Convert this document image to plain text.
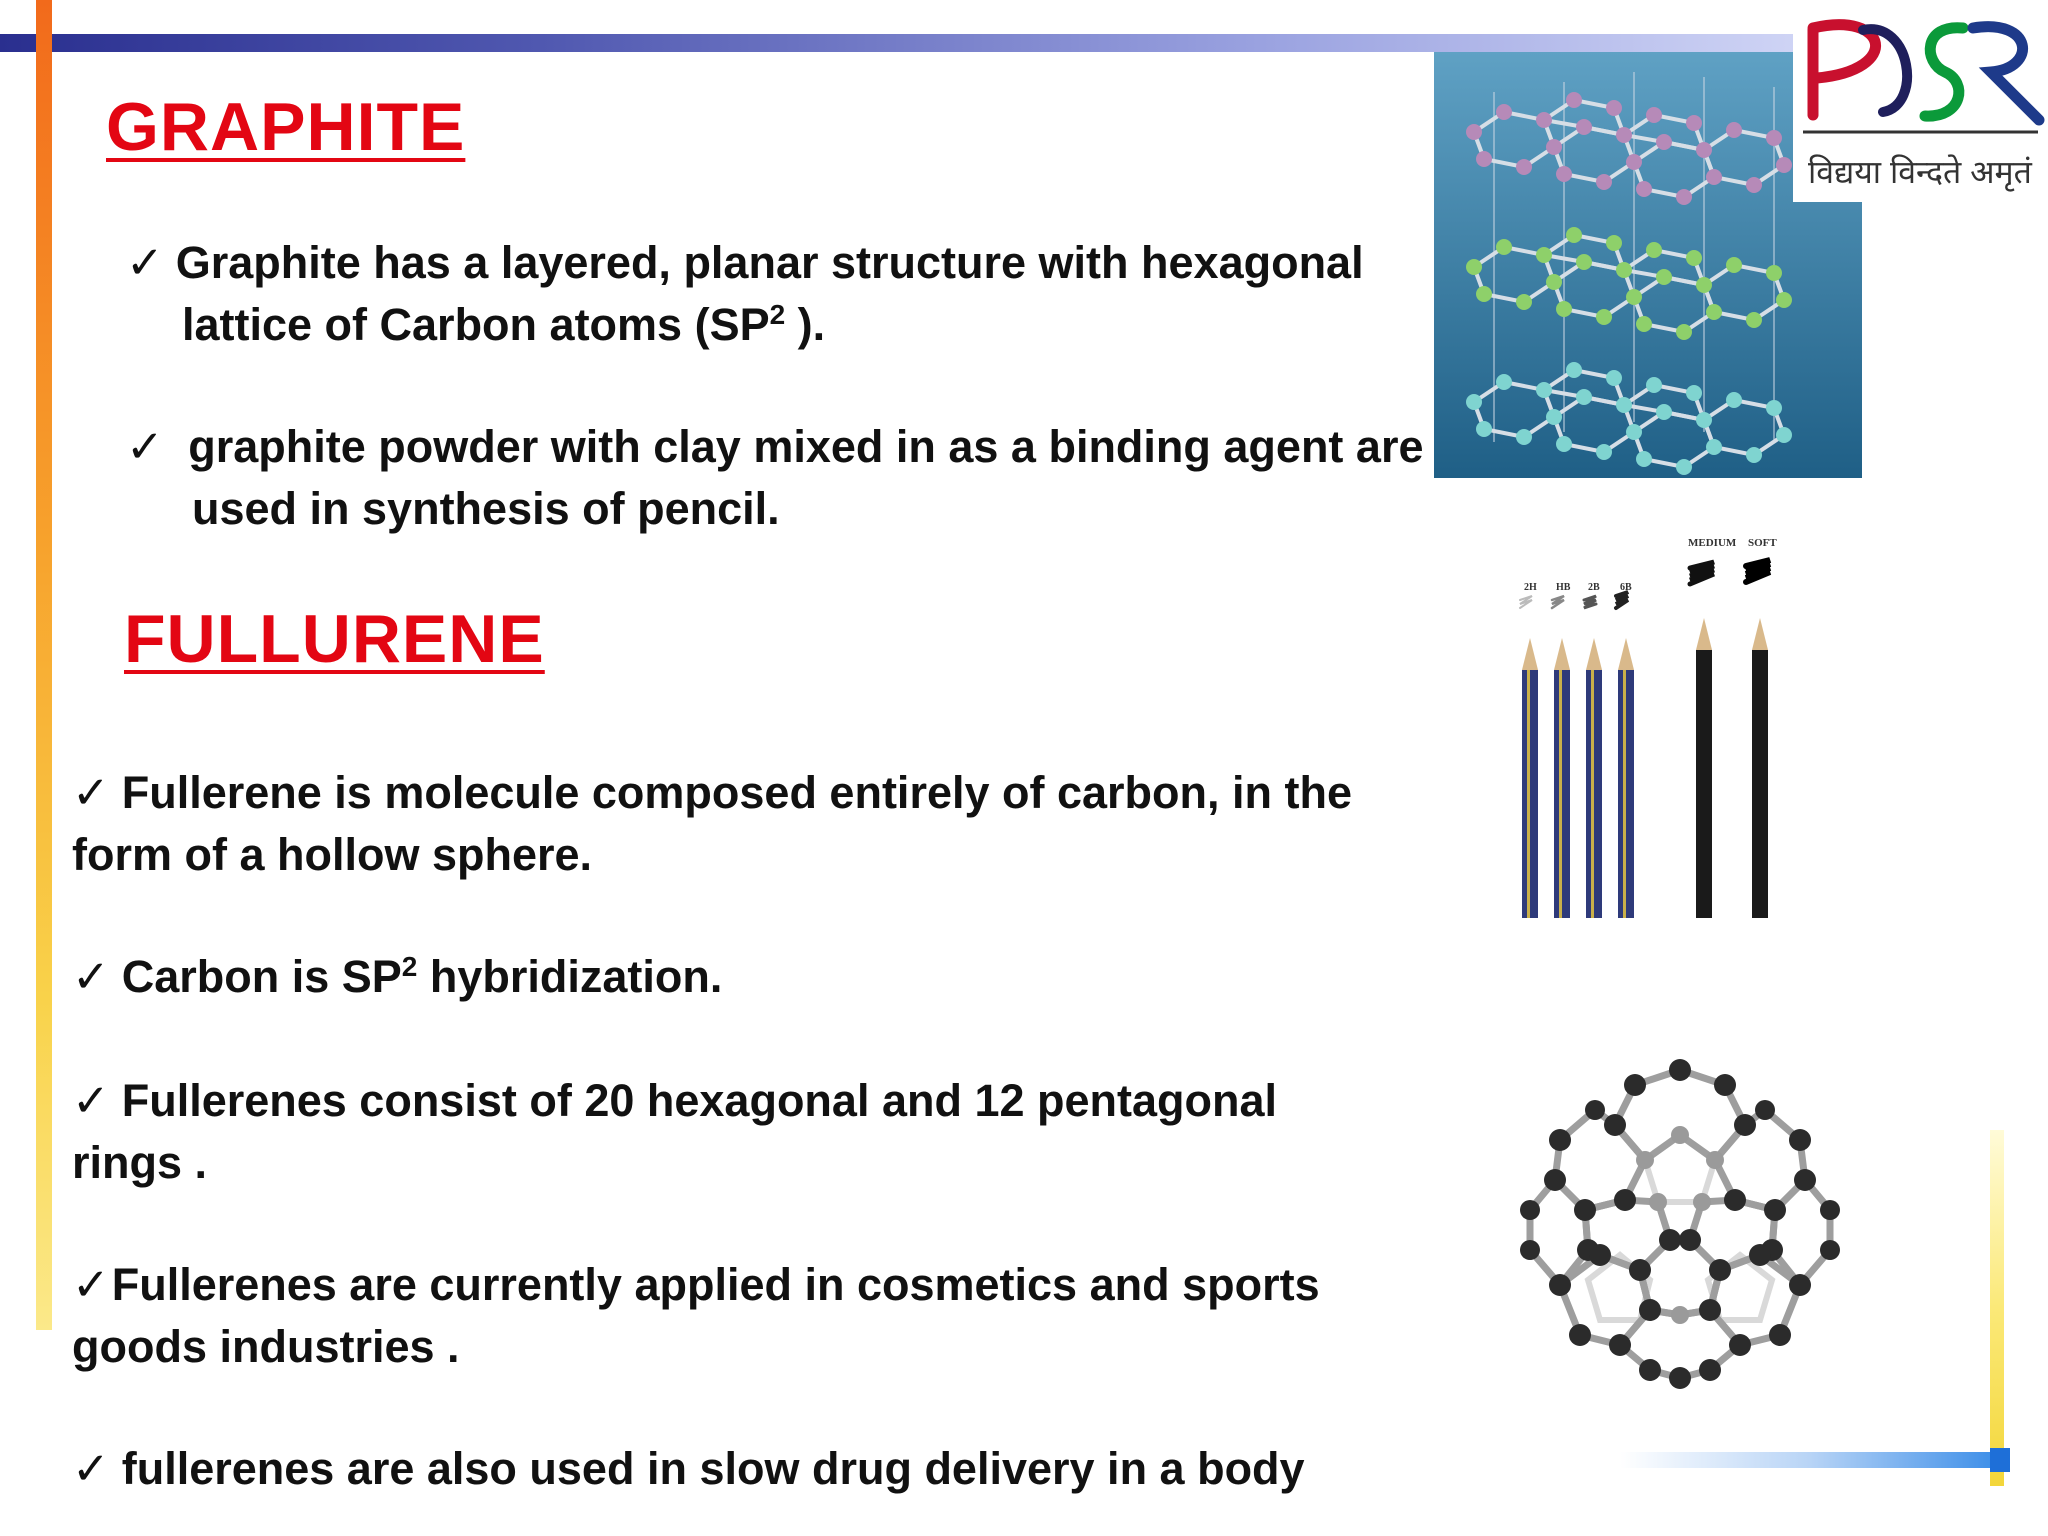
GRAPHITE

✓ Graphite has a layered, planar structure with hexagonal
lattice of Carbon atoms ($SP^2$ ).

✓ graphite powder with clay mixed in as a binding agent are
used in synthesis of pencil.

FULLURENE

✓ Fullerene is molecule composed entirely of carbon, in the
form of a hollow sphere.

✓ Carbon is $SP^2$ hybridization.

✓ Fullerenes consist of 20 hexagonal and 12 pentagonal
rings .

✓Fullerenes are currently applied in cosmetics and sports
goods industries .

✓ fullerenes are also used in slow drug delivery in a body

MEDIUM SOFT
2H HB 2B 6B
विद्यया विन्दते अमृतं
